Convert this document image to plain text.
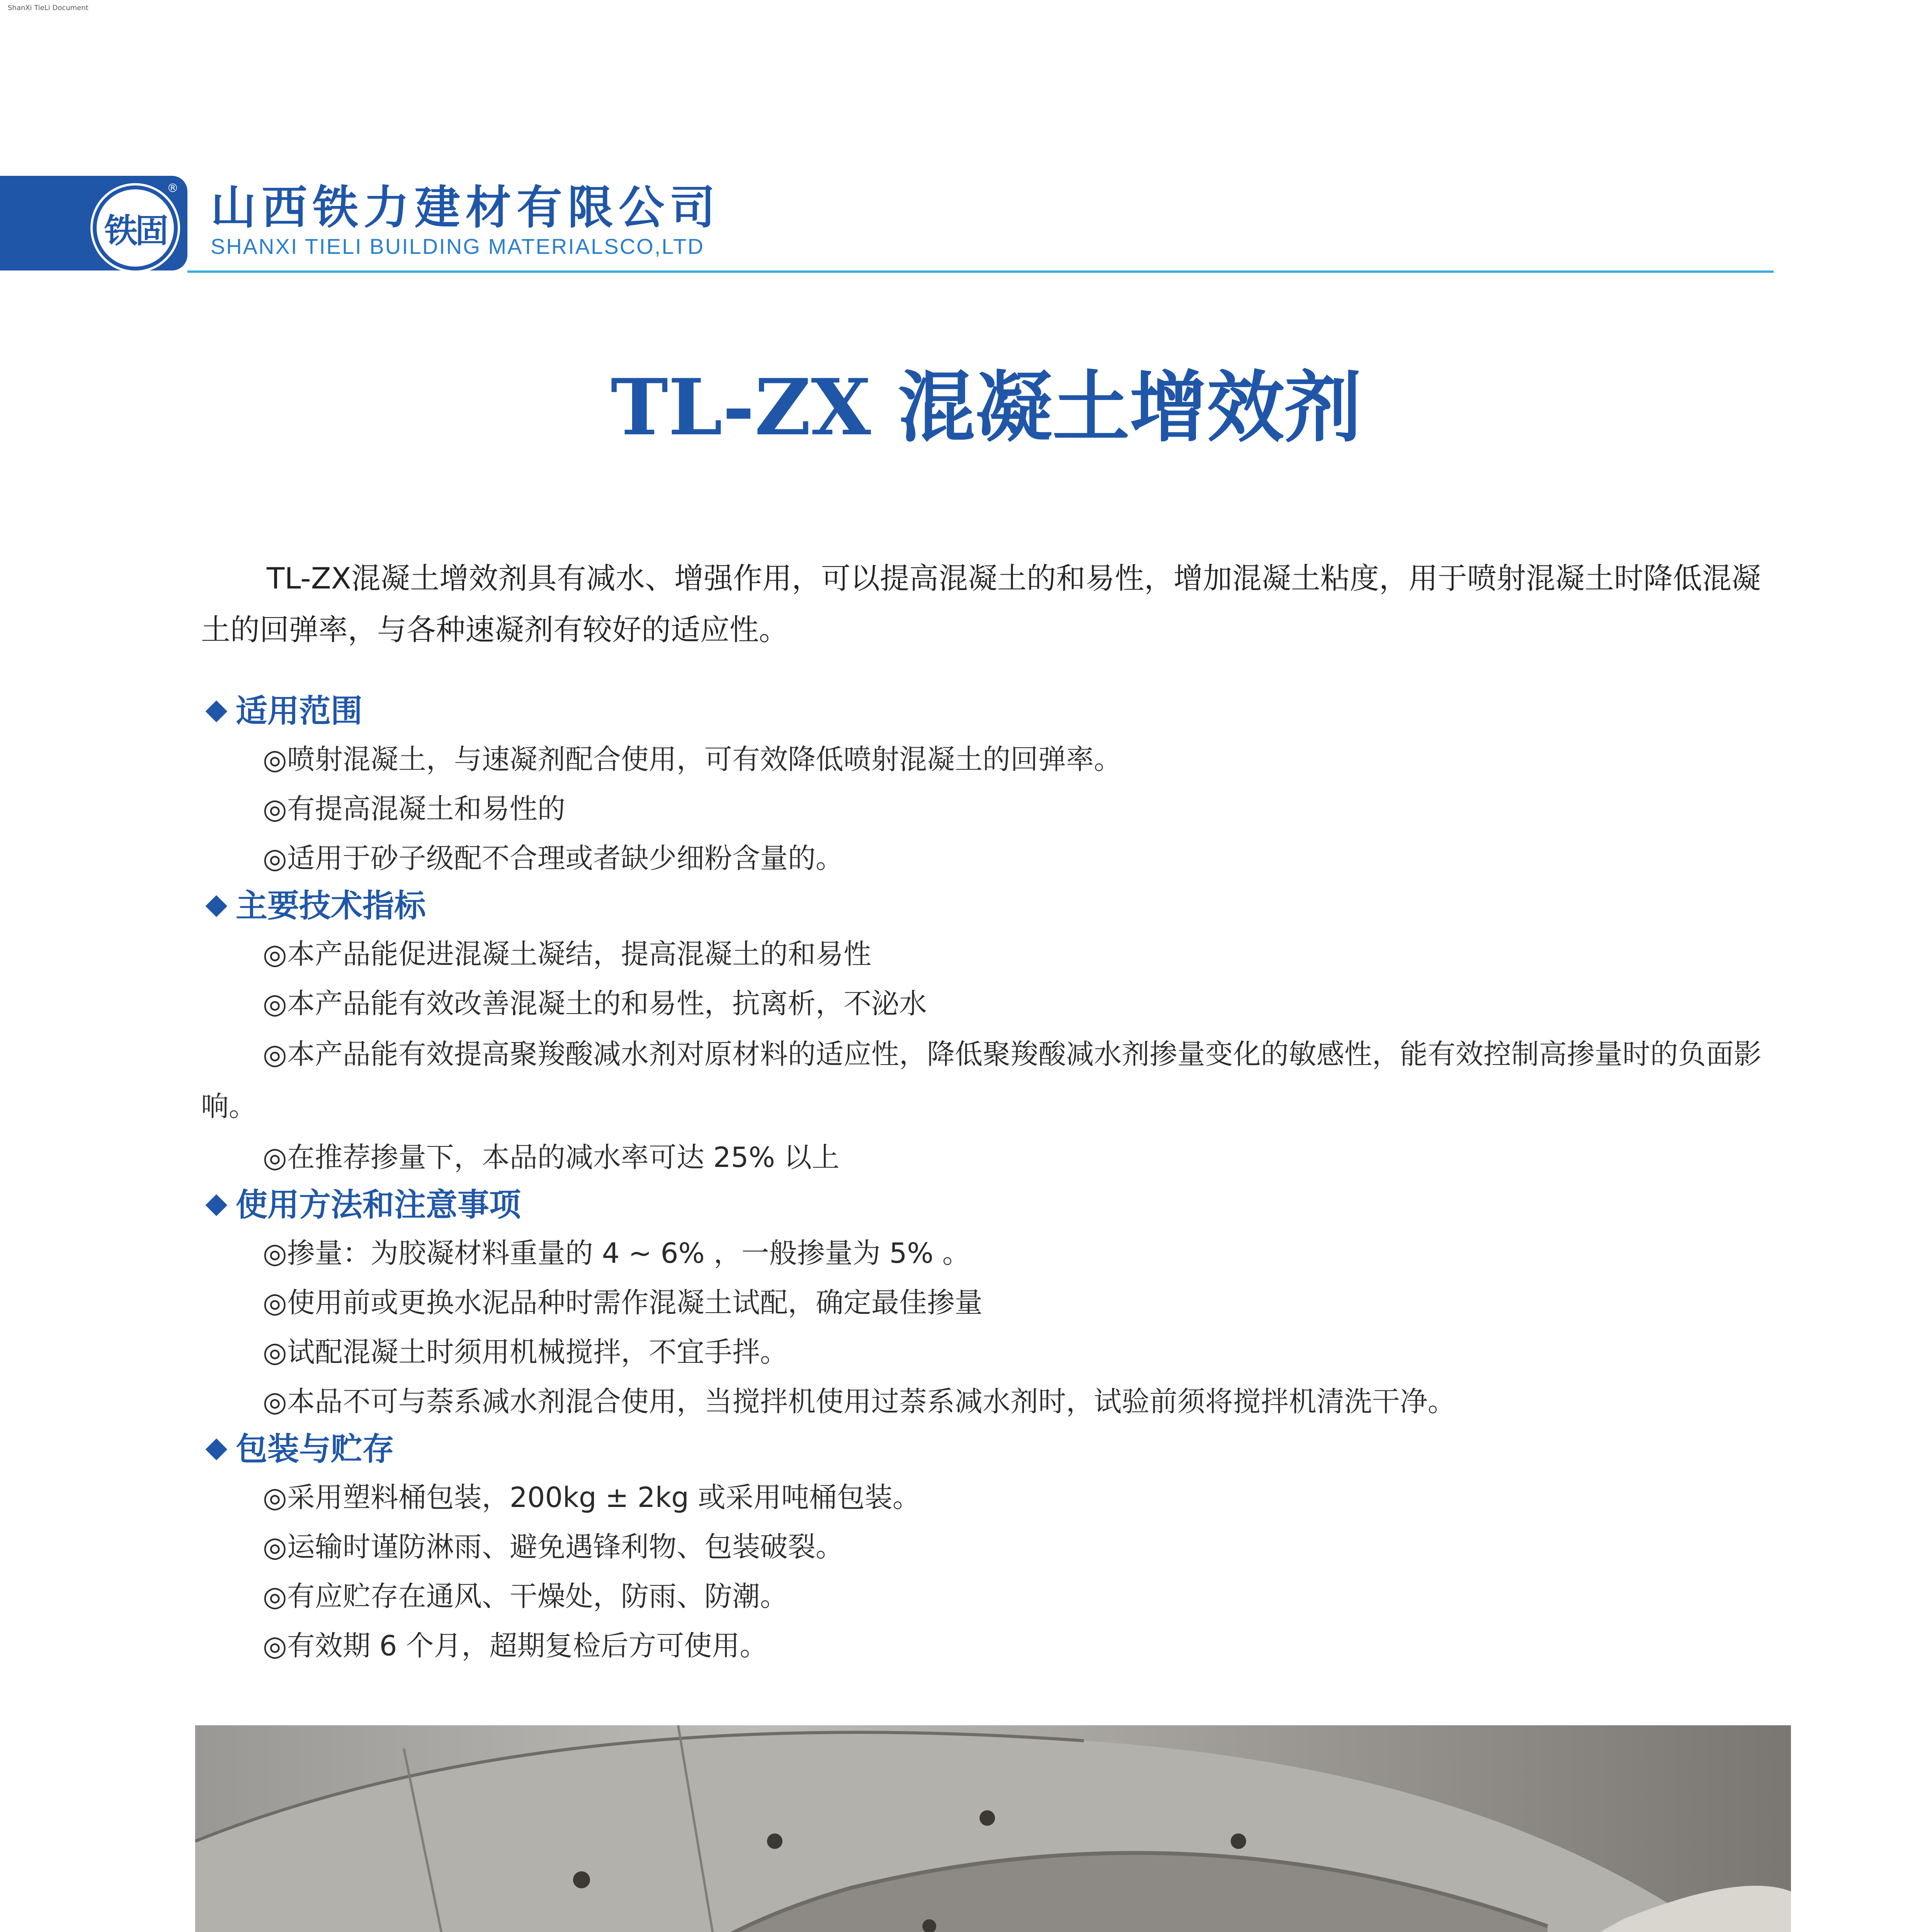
ShanXi TieLi Document
铁固
® 山西铁力建材有限公司
SHANXI TIELI BUILDING MATERIALSCO,LTD
TL-ZX 混凝土增效剂

TL-ZX混凝土增效剂具有减水、增强作用，可以提高混凝土的和易性，增加混凝土粘度，用于喷射混凝土时降低混凝土的回弹率，与各种速凝剂有较好的适应性。

适用范围

◎喷射混凝土，与速凝剂配合使用，可有效降低喷射混凝土的回弹率。

◎有提高混凝土和易性的

◎适用于砂子级配不合理或者缺少细粉含量的。

主要技术指标

◎本产品能促进混凝土凝结，提高混凝土的和易性

◎本产品能有效改善混凝土的和易性，抗离析，不泌水

◎本产品能有效提高聚羧酸减水剂对原材料的适应性，降低聚羧酸减水剂掺量变化的敏感性，能有效控制高掺量时的负面影响。

◎在推荐掺量下，本品的减水率可达 25% 以上

使用方法和注意事项

◎掺量：为胶凝材料重量的 4 ~ 6% ，一般掺量为 5% 。

◎使用前或更换水泥品种时需作混凝土试配，确定最佳掺量

◎试配混凝土时须用机械搅拌，不宜手拌。

◎本品不可与萘系减水剂混合使用，当搅拌机使用过萘系减水剂时，试验前须将搅拌机清洗干净。

包装与贮存

◎采用塑料桶包装，200kg ± 2kg 或采用吨桶包装。

◎运输时谨防淋雨、避免遇锋利物、包装破裂。

◎有应贮存在通风、干燥处，防雨、防潮。

◎有效期 6 个月，超期复检后方可使用。
